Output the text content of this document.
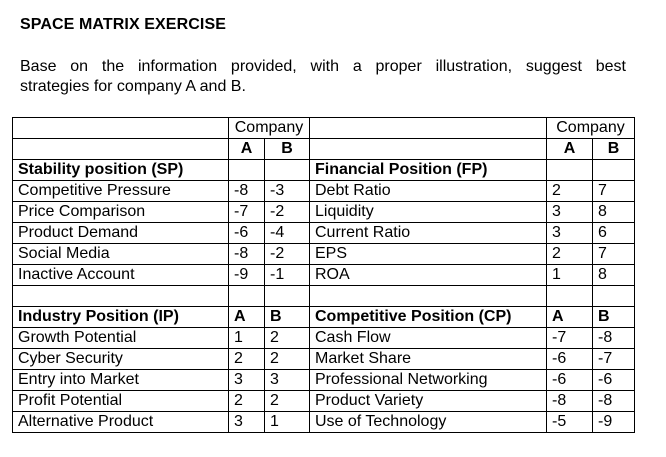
SPACE MATRIX EXERCISE
Base on the information provided, with a proper illustration, suggest best
strategies for company A and B.
	Company			Company	
	A	B		A	B
Stability position (SP)			Financial Position (FP)		
Competitive Pressure	-8	-3	Debt Ratio	2	7
Price Comparison	-7	-2	Liquidity	3	8
Product Demand	-6	-4	Current Ratio	3	6
Social Media	-8	-2	EPS	2	7
Inactive Account	-9	-1	ROA	1	8

Industry Position (IP)	A	B	Competitive Position (CP)	A	B
Growth Potential	1	2	Cash Flow	-7	-8
Cyber Security	2	2	Market Share	-6	-7
Entry into Market	3	3	Professional Networking	-6	-6
Profit Potential	2	2	Product Variety	-8	-8
Alternative Product	3	1	Use of Technology	-5	-9
